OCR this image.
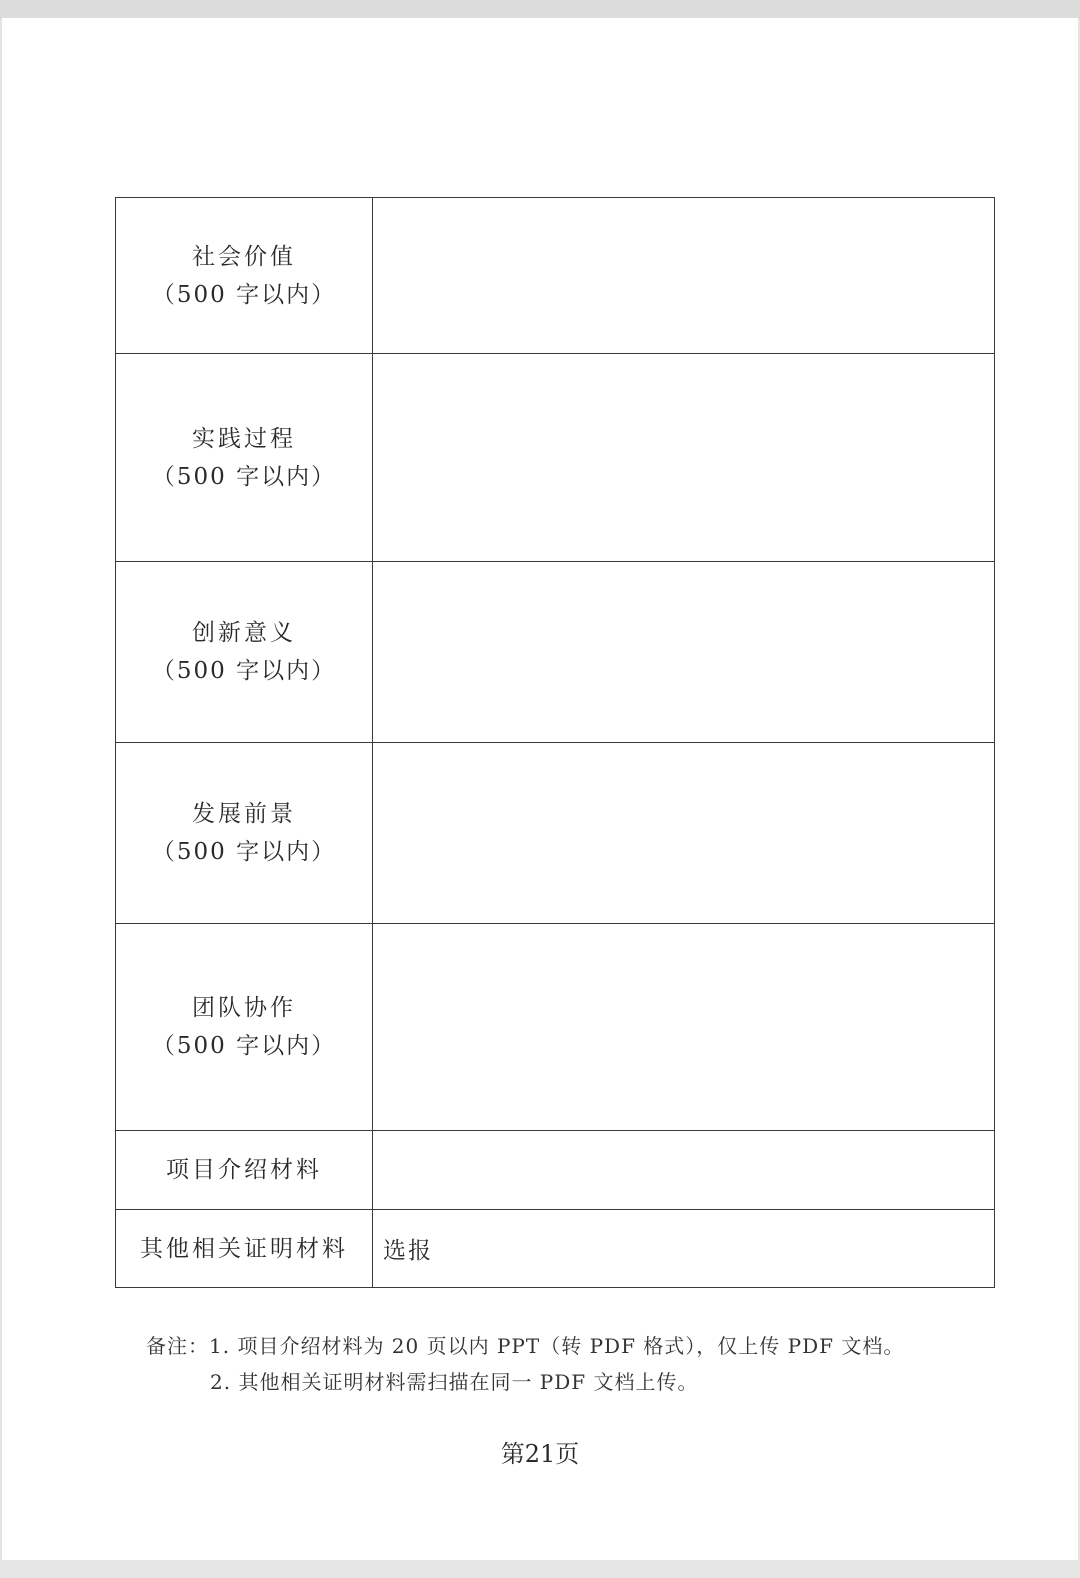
社会价值
（500 字以内）	

实践过程
（500 字以内）	

创新意义
（500 字以内）	

发展前景
（500 字以内）	

团队协作
（500 字以内）	

项目介绍材料	
其他相关证明材料	选报
备注：1. 项目介绍材料为 20 页以内 PPT（转 PDF 格式），仅上传 PDF 文档。
2. 其他相关证明材料需扫描在同一 PDF 文档上传。
第21页
